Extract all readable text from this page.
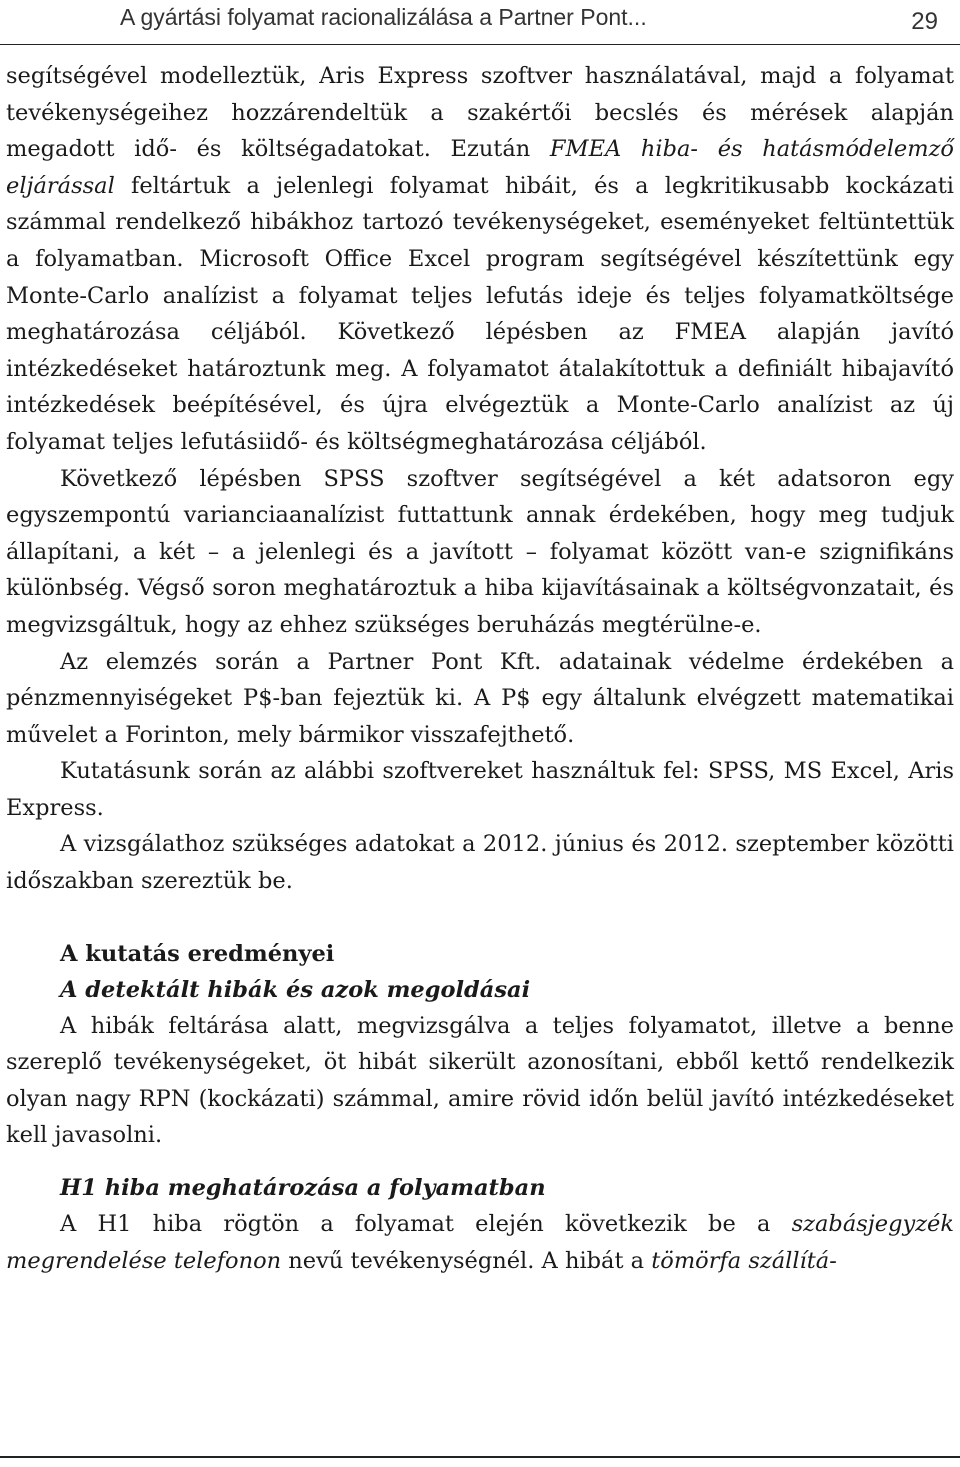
A gyártási folyamat racionalizálása a Partner Pont...	29

segítségével modelleztük, Aris Express szoftver használatával, majd a folyamat tevékenységeihez hozzárendeltük a szakértői becslés és mérések alapján megadott idő- és költségadatokat. Ezután FMEA hiba- és hatásmódelemző eljárással feltártuk a jelenlegi folyamat hibáit, és a legkritikusabb kockázati számmal rendelkező hibákhoz tartozó tevékenységeket, eseményeket feltüntettük a folyamatban. Microsoft Office Excel program segítségével készítettünk egy Monte-Carlo analízist a folyamat teljes lefutás ideje és teljes folyamatköltsége meghatározása céljából. Következő lépésben az FMEA alapján javító intézkedéseket határoztunk meg. A folyamatot átalakítottuk a definiált hibajavító intézkedések beépítésével, és újra elvégeztük a Monte-Carlo analízist az új folyamat teljes lefutásiidő- és költségmeghatározása céljából.

Következő lépésben SPSS szoftver segítségével a két adatsoron egy egyszempontú varianciaanalízist futtattunk annak érdekében, hogy meg tudjuk állapítani, a két – a jelenlegi és a javított – folyamat között van-e szignifikáns különbség. Végső soron meghatároztuk a hiba kijavításainak a költségvonzatait, és megvizsgáltuk, hogy az ehhez szükséges beruházás megtérülne-e.

Az elemzés során a Partner Pont Kft. adatainak védelme érdekében a pénzmennyiségeket P$-ban fejeztük ki. A P$ egy általunk elvégzett matematikai művelet a Forinton, mely bármikor visszafejthető.

Kutatásunk során az alábbi szoftvereket használtuk fel: SPSS, MS Excel, Aris Express.

A vizsgálathoz szükséges adatokat a 2012. június és 2012. szeptember közötti időszakban szereztük be.

A kutatás eredményei

A detektált hibák és azok megoldásai

A hibák feltárása alatt, megvizsgálva a teljes folyamatot, illetve a benne szereplő tevékenységeket, öt hibát sikerült azonosítani, ebből kettő rendelkezik olyan nagy RPN (kockázati) számmal, amire rövid időn belül javító intézkedéseket kell javasolni.

H1 hiba meghatározása a folyamatban

A H1 hiba rögtön a folyamat elején következik be a szabásjegyzék megrendelése telefonon nevű tevékenységnél. A hibát a tömörfa szállítá-
